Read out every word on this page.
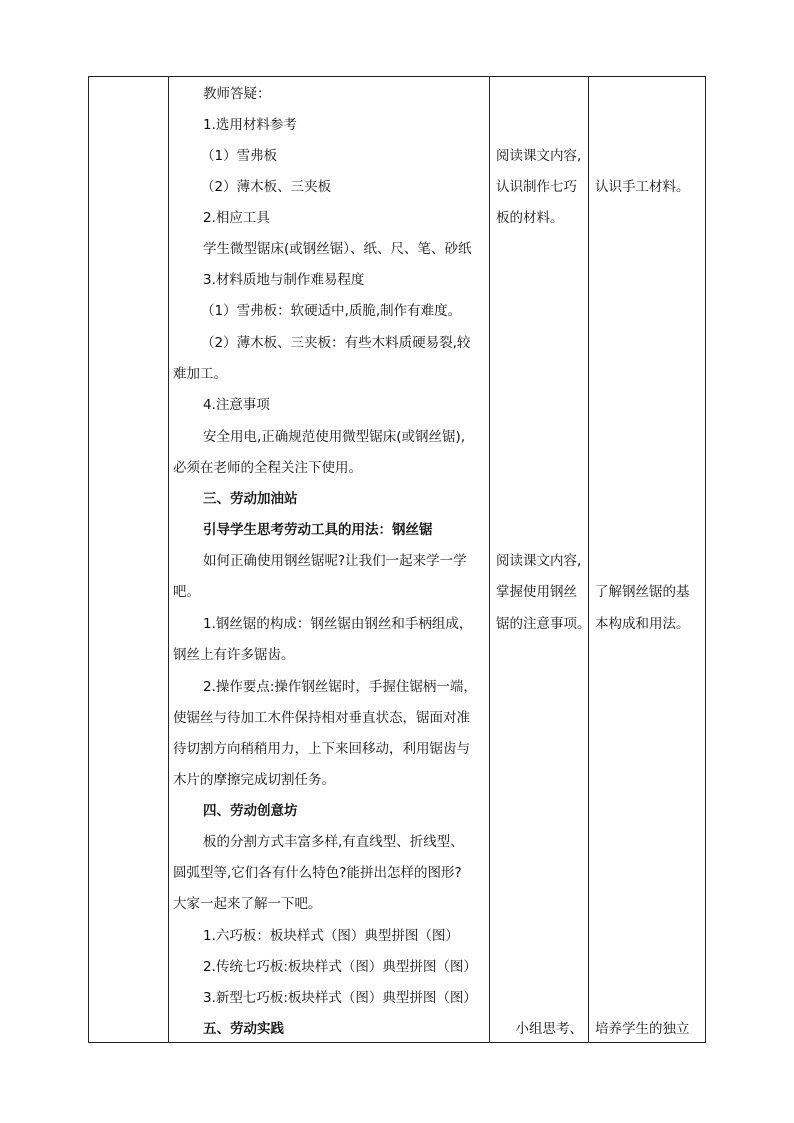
教师答疑：
1.选用材料参考
（1）雪弗板
（2）薄木板、三夹板
2.相应工具
学生微型锯床(或钢丝锯）、纸、尺、笔、砂纸
3.材料质地与制作难易程度
（1）雪弗板：软硬适中,质脆,制作有难度。
（2）薄木板、三夹板：有些木料质硬易裂,较
难加工。
4.注意事项
安全用电,正确规范使用微型锯床(或钢丝锯),
必须在老师的全程关注下使用。
三、劳动加油站
引导学生思考劳动工具的用法：钢丝锯
如何正确使用钢丝锯呢?让我们一起来学一学
吧。
1.钢丝锯的构成：钢丝锯由钢丝和手柄组成，
钢丝上有许多锯齿。
2.操作要点:操作钢丝锯时，手握住锯柄一端，
使锯丝与待加工木件保持相对垂直状态，锯面对准
待切割方向稍稍用力，上下来回移动，利用锯齿与
木片的摩擦完成切割任务。
四、劳动创意坊
板的分割方式丰富多样,有直线型、折线型、
圆弧型等,它们各有什么特色?能拼出怎样的图形?
大家一起来了解一下吧。
1.六巧板：板块样式（图）典型拼图（图）
2.传统七巧板:板块样式（图）典型拼图（图）
3.新型七巧板:板块样式（图）典型拼图（图）
五、劳动实践
阅读课文内容,
认识制作七巧
板的材料。
阅读课文内容,
掌握使用钢丝
锯的注意事项。
小组思考、
认识手工材料。
了解钢丝锯的基
本构成和用法。
培养学生的独立
